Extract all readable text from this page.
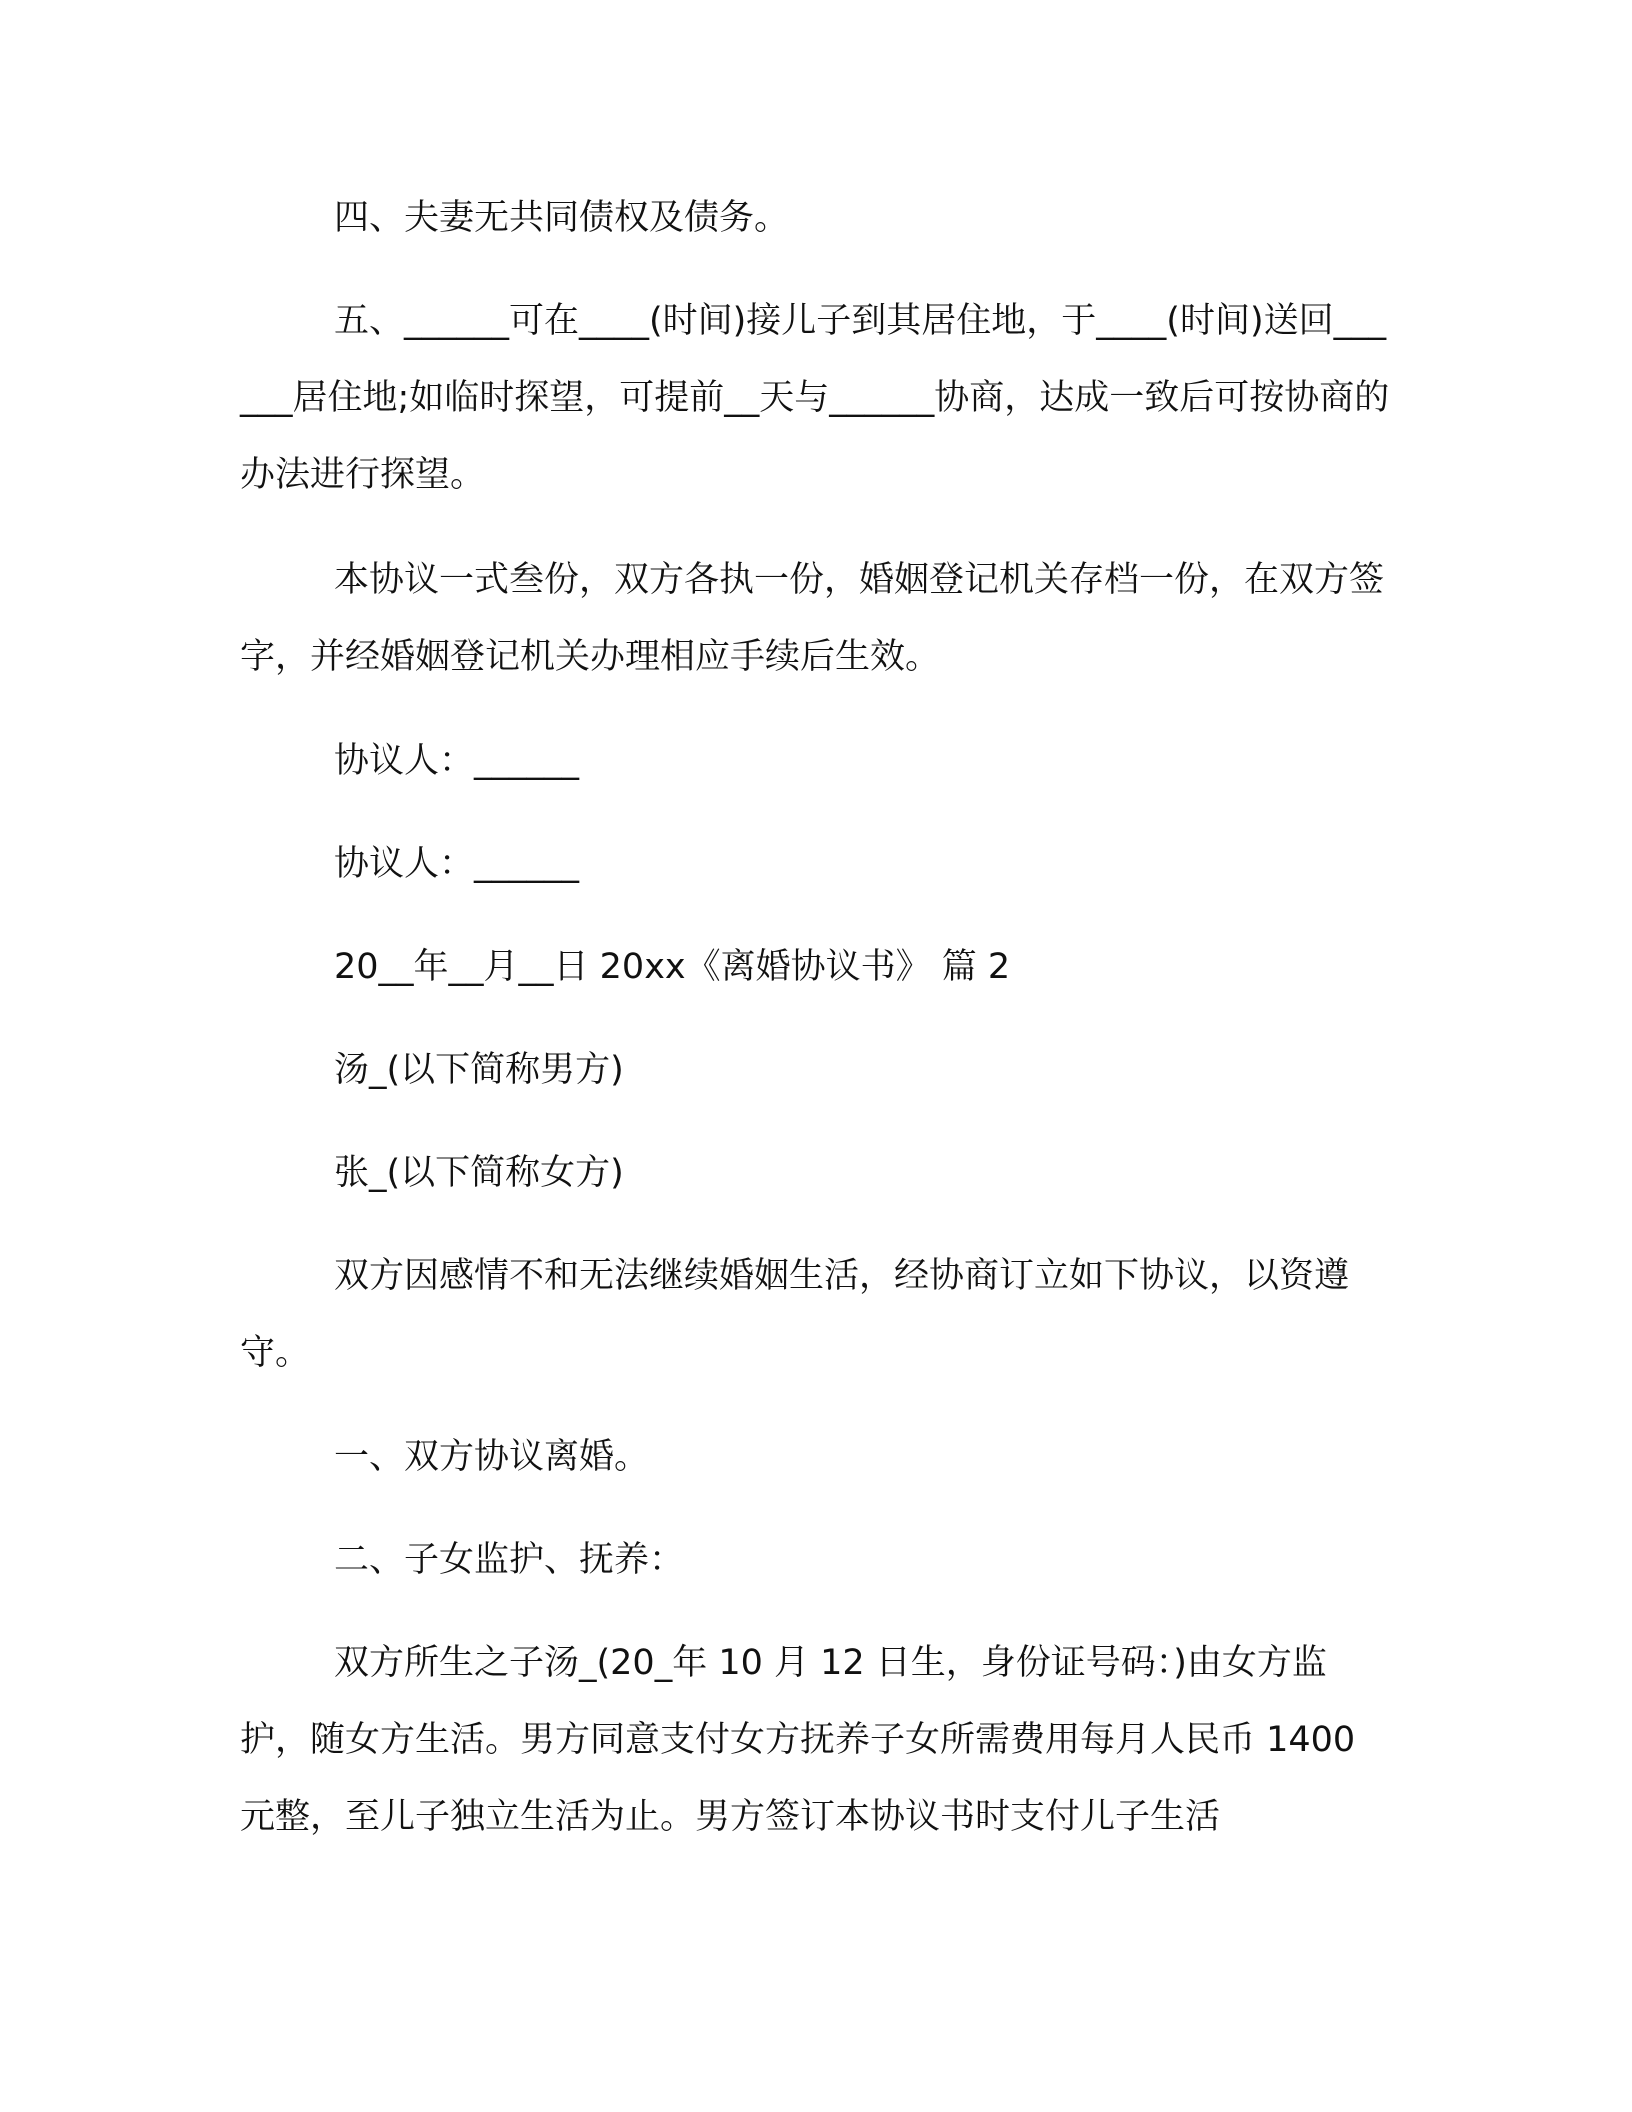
四、夫妻无共同债权及债务。

五、______可在____(时间)接儿子到其居住地，于____(时间)送回______居住地;如临时探望，可提前__天与______协商，达成一致后可按协商的办法进行探望。

本协议一式叁份，双方各执一份，婚姻登记机关存档一份，在双方签字，并经婚姻登记机关办理相应手续后生效。

协议人：______

协议人：______

20__年__月__日 20xx《离婚协议书》 篇 2

汤_(以下简称男方)

张_(以下简称女方)

双方因感情不和无法继续婚姻生活，经协商订立如下协议，以资遵守。

一、双方协议离婚。

二、子女监护、抚养：

双方所生之子汤_(20_年 10 月 12 日生，身份证号码：)由女方监护，随女方生活。男方同意支付女方抚养子女所需费用每月人民币 1400 元整，至儿子独立生活为止。男方签订本协议书时支付儿子生活
